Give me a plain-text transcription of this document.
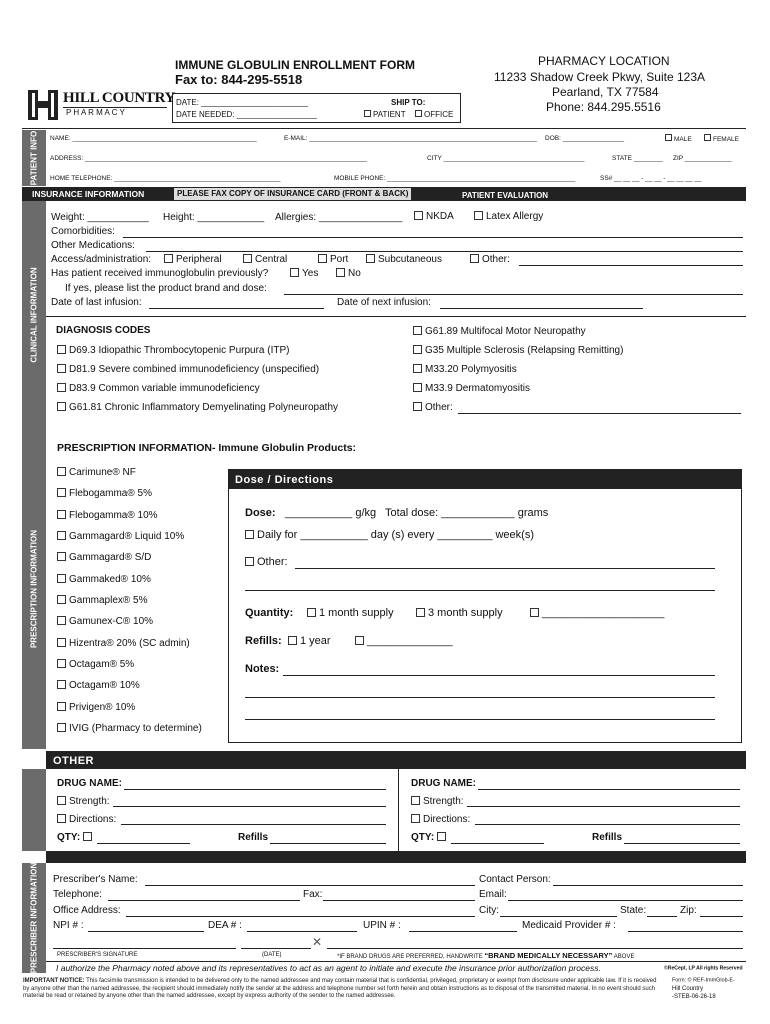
HILL COUNTRY
P H A R M A C Y
IMMUNE GLOBULIN ENROLLMENT FORM
Fax to: 844-295-5518
DATE: ________________________
DATE NEEDED: __________________
SHIP TO:
PATIENT	OFFICE
PHARMACY LOCATION
11233 Shadow Creek Pkwy, Suite 123A
Pearland, TX 77584
Phone: 844.295.5516
PATIENT INFO NAME: ___________________________________________________	E-MAIL: _______________________________________________________________ DOB: _________________	MALE	FEMALE
ADDRESS: ______________________________________________________________________________	CITY _______________________________________	STATE ________ ZIP _____________
HOME TELEPHONE: ______________________________________________	MOBILE PHONE: ____________________________________________________	SS# __ __ __ - __ __ - __ __ __ __
INSURANCE INFORMATION	PLEASE FAX COPY OF INSURANCE CARD (FRONT & BACK)	PATIENT EVALUATION
CLINICAL INFORMATION
Weight: ___________ Height: ____________ Allergies: _______________	NKDA	Latex Allergy
Comorbidities:
Other Medications:
Access/administration:	Peripheral	Central	Port	Subcutaneous	Other:
Has patient received immunoglobulin previously?	Yes	No
If yes, please list the product brand and dose:
Date of last infusion:	Date of next infusion:
DIAGNOSIS CODES
D69.3 Idiopathic Thrombocytopenic Purpura (ITP)
D81.9 Severe combined immunodeficiency (unspecified)
D83.9 Common variable immunodeficiency
G61.81 Chronic Inflammatory Demyelinating Polyneuropathy
G61.89 Multifocal Motor Neuropathy
G35 Multiple Sclerosis (Relapsing Remitting)
M33.20 Polymyositis
M33.9 Dermatomyositis
Other:
PRESCRIPTION INFORMATION
PRESCRIPTION INFORMATION- Immune Globulin Products:
Carimune® NF
Flebogamma® 5%
Flebogamma® 10%
Gammagard® Liquid 10%
Gammagard® S/D
Gammaked® 10%
Gammaplex® 5%
Gamunex-C® 10%
Hizentra® 20% (SC admin)
Octagam® 5%
Octagam® 10%
Privigen® 10%
IVIG (Pharmacy to determine)
Dose / Directions
Dose: ___________ g/kg Total dose: ____________ grams
Daily for ___________ day (s) every _________ week(s)
Other:
Quantity:	1 month supply	3 month supply	____________________
Refills:	1 year	______________
Notes:
OTHER
DRUG NAME:
Strength:
Directions:
QTY:	Refills
DRUG NAME:
Strength:
Directions:
QTY:	Refills
PRESCRIBER INFORMATION Prescriber's Name:	Contact Person:
Telephone:	Fax:	Email:
Office Address:	City:	State:	Zip:
NPI # :	DEA # :	UPIN # :	Medicaid Provider # :
✕
PRESCRIBER'S SIGNATURE	(DATE)	*IF BRAND DRUGS ARE PREFERRED, HANDWRITE “BRAND MEDICALLY NECESSARY” ABOVE
I authorize the Pharmacy noted above and its representatives to act as an agent to initiate and execute the insurance prior authorization process.	©ReCept, LP All rights Reserved
IMPORTANT NOTICE: This facsimile transmission is intended to be delivered only to the named addressee and may contain material that is confidential, privileged, proprietary or exempt from disclosure under applicable law. If it is received by anyone other than the named addressee, the recipient should immediately notify the sender at the address and telephone number set forth herein and obtain instructions as to disposal of the transmitted material. In no event should such material be read or retained by anyone other than the named addressee, except by express authority of the sender to the named addressee.
Form: © REF-ImmGlob-E-
Hill Country
-STEB-06-26-18
